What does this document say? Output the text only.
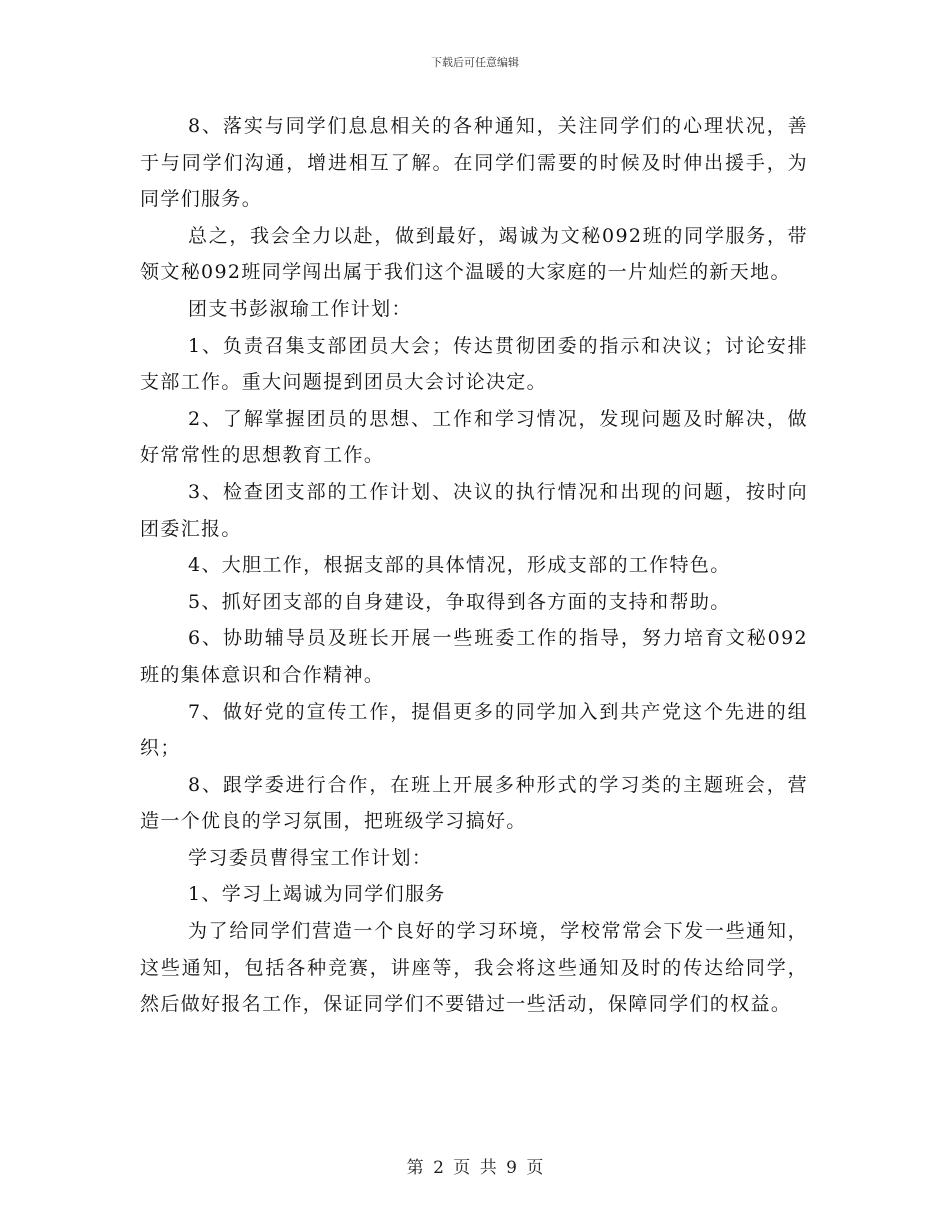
下载后可任意编辑

8、落实与同学们息息相关的各种通知，关注同学们的心理状况，善于与同学们沟通，增进相互了解。在同学们需要的时候及时伸出援手，为同学们服务。

总之，我会全力以赴，做到最好，竭诚为文秘092班的同学服务，带领文秘092班同学闯出属于我们这个温暖的大家庭的一片灿烂的新天地。

团支书彭淑瑜工作计划：

1、负责召集支部团员大会；传达贯彻团委的指示和决议；讨论安排支部工作。重大问题提到团员大会讨论决定。

2、了解掌握团员的思想、工作和学习情况，发现问题及时解决，做好常常性的思想教育工作。

3、检查团支部的工作计划、决议的执行情况和出现的问题，按时向团委汇报。

4、大胆工作，根据支部的具体情况，形成支部的工作特色。

5、抓好团支部的自身建设，争取得到各方面的支持和帮助。

6、协助辅导员及班长开展一些班委工作的指导，努力培育文秘092班的集体意识和合作精神。

7、做好党的宣传工作，提倡更多的同学加入到共产党这个先进的组织；

8、跟学委进行合作，在班上开展多种形式的学习类的主题班会，营造一个优良的学习氛围，把班级学习搞好。

学习委员曹得宝工作计划：

1、学习上竭诚为同学们服务

为了给同学们营造一个良好的学习环境，学校常常会下发一些通知，这些通知，包括各种竞赛，讲座等，我会将这些通知及时的传达给同学，然后做好报名工作，保证同学们不要错过一些活动，保障同学们的权益。

第 2 页 共 9 页
